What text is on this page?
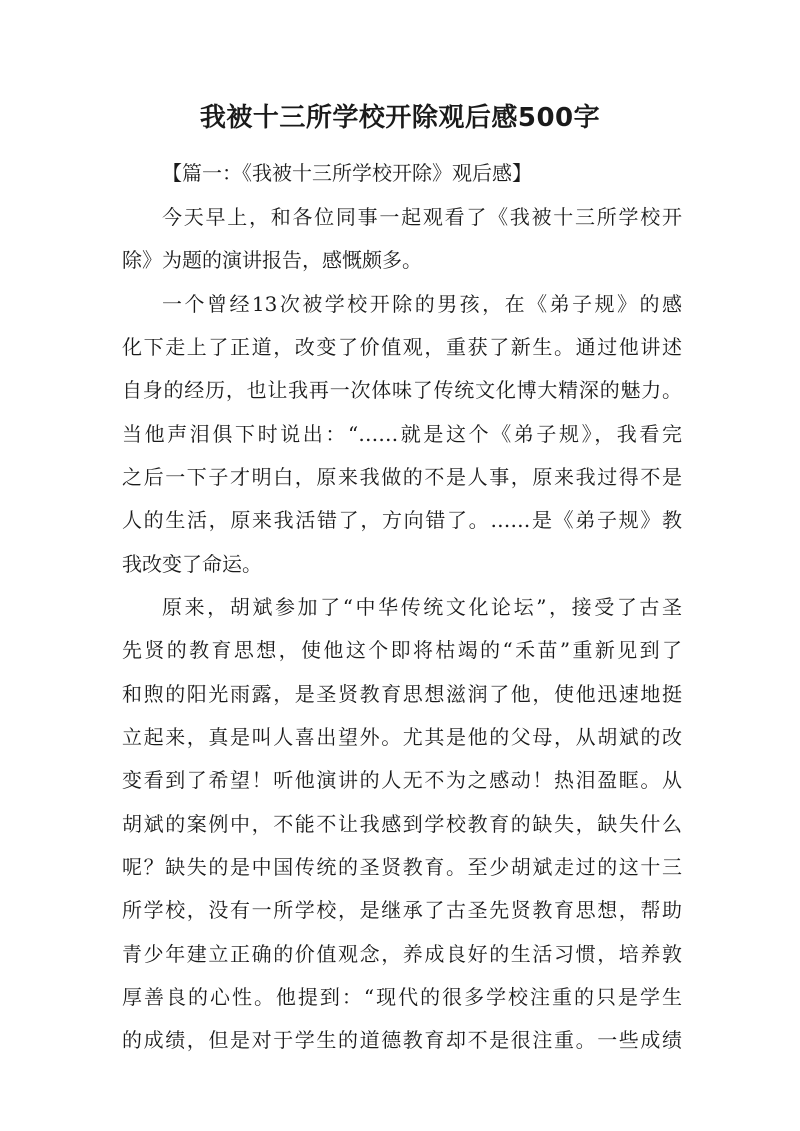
我被十三所学校开除观后感500字
【篇一：《我被十三所学校开除》观后感】
今天早上，和各位同事一起观看了《我被十三所学校开
除》为题的演讲报告，感慨颇多。
一个曾经13次被学校开除的男孩，在《弟子规》的感
化下走上了正道，改变了价值观，重获了新生。通过他讲述
自身的经历，也让我再一次体味了传统文化博大精深的魅力。
当他声泪俱下时说出：“……就是这个《弟子规》，我看完
之后一下子才明白，原来我做的不是人事，原来我过得不是
人的生活，原来我活错了，方向错了。……是《弟子规》教
我改变了命运。
原来，胡斌参加了“中华传统文化论坛”，接受了古圣
先贤的教育思想，使他这个即将枯竭的“禾苗”重新见到了
和煦的阳光雨露，是圣贤教育思想滋润了他，使他迅速地挺
立起来，真是叫人喜出望外。尤其是他的父母，从胡斌的改
变看到了希望！听他演讲的人无不为之感动！热泪盈眶。从
胡斌的案例中，不能不让我感到学校教育的缺失，缺失什么
呢？缺失的是中国传统的圣贤教育。至少胡斌走过的这十三
所学校，没有一所学校，是继承了古圣先贤教育思想，帮助
青少年建立正确的价值观念，养成良好的生活习惯，培养敦
厚善良的心性。他提到：“现代的很多学校注重的只是学生
的成绩，但是对于学生的道德教育却不是很注重。一些成绩
